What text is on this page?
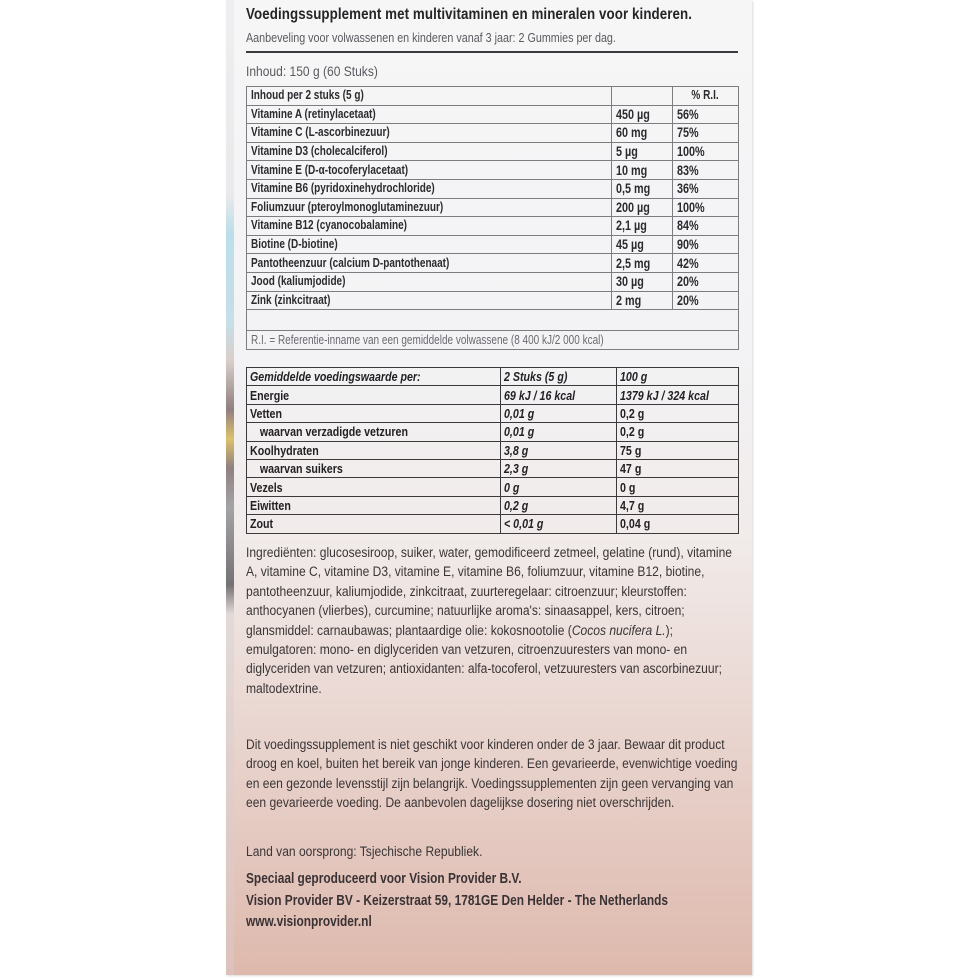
Voedingssupplement met multivitaminen en mineralen voor kinderen.
Aanbeveling voor volwassenen en kinderen vanaf 3 jaar: 2 Gummies per dag.
Inhoud: 150 g (60 Stuks)
Inhoud per 2 stuks (5 g)		% R.I.
Vitamine A (retinylacetaat)	450 µg	56%
Vitamine C (L-ascorbinezuur)	60 mg	75%
Vitamine D3 (cholecalciferol)	5 µg	100%
Vitamine E (D-α-tocoferylacetaat)	10 mg	83%
Vitamine B6 (pyridoxinehydrochloride)	0,5 mg	36%
Foliumzuur (pteroylmonoglutaminezuur)	200 µg	100%
Vitamine B12 (cyanocobalamine)	2,1 µg	84%
Biotine (D-biotine)	45 µg	90%
Pantotheenzuur (calcium D-pantothenaat)	2,5 mg	42%
Jood (kaliumjodide)	30 µg	20%
Zink (zinkcitraat)	2 mg	20%

R.I. = Referentie-inname van een gemiddelde volwassene (8 400 kJ/2 000 kcal)		
Gemiddelde voedingswaarde per:	2 Stuks (5 g)	100 g
Energie	69 kJ / 16 kcal	1379 kJ / 324 kcal
Vetten	0,01 g	0,2 g
waarvan verzadigde vetzuren	0,01 g	0,2 g
Koolhydraten	3,8 g	75 g
waarvan suikers	2,3 g	47 g
Vezels	0 g	0 g
Eiwitten	0,2 g	4,7 g
Zout	< 0,01 g	0,04 g
Ingrediënten: glucosesiroop, suiker, water, gemodificeerd zetmeel, gelatine (rund), vitamine A, vitamine C, vitamine D3, vitamine E, vitamine B6, foliumzuur, vitamine B12, biotine, pantotheenzuur, kaliumjodide, zinkcitraat, zuurteregelaar: citroenzuur; kleurstoffen: anthocyanen (vlierbes), curcumine; natuurlijke aroma's: sinaasappel, kers, citroen; glansmiddel: carnaubawas; plantaardige olie: kokosnootolie (Cocos nucifera L.); emulgatoren: mono- en diglyceriden van vetzuren, citroenzuuresters van mono- en diglyceriden van vetzuren; antioxidanten: alfa-tocoferol, vetzuuresters van ascorbinezuur; maltodextrine.
Dit voedingssupplement is niet geschikt voor kinderen onder de 3 jaar. Bewaar dit product droog en koel, buiten het bereik van jonge kinderen. Een gevarieerde, evenwichtige voeding en een gezonde levensstijl zijn belangrijk. Voedingssupplementen zijn geen vervanging van een gevarieerde voeding. De aanbevolen dagelijkse dosering niet overschrijden.
Land van oorsprong: Tsjechische Republiek.
Speciaal geproduceerd voor Vision Provider B.V.
Vision Provider BV - Keizerstraat 59, 1781GE Den Helder - The Netherlands
www.visionprovider.nl
